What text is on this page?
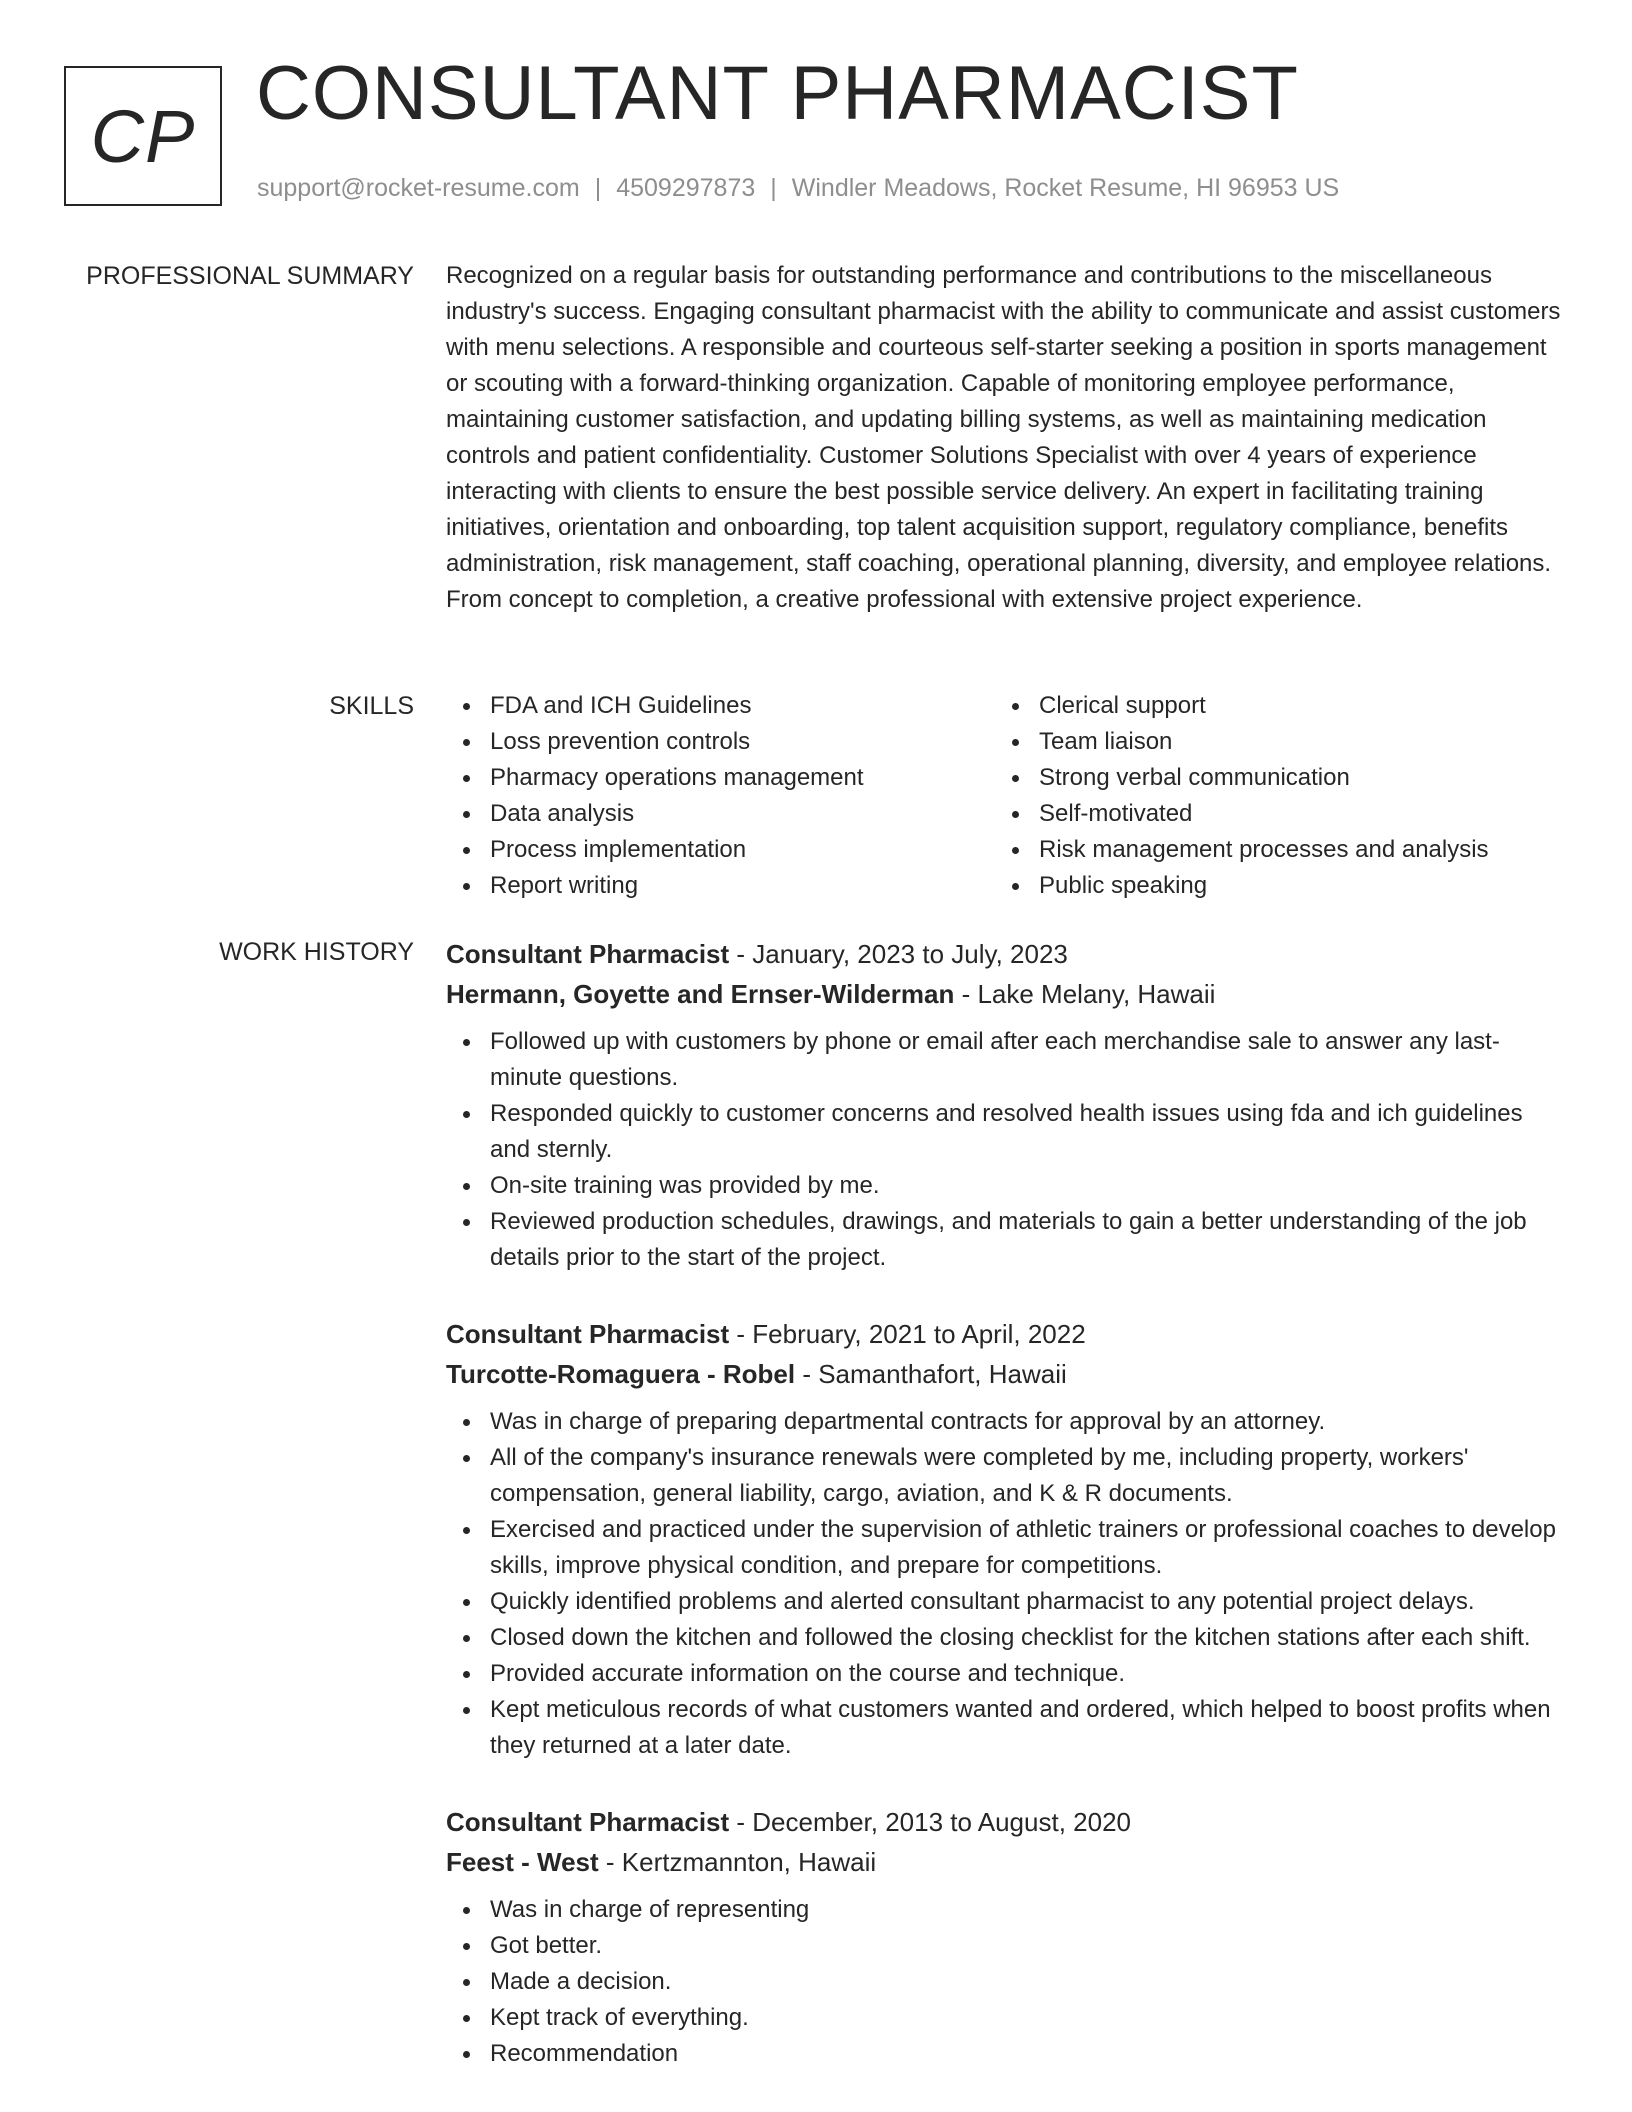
CP CONSULTANT PHARMACIST
support@rocket-resume.com | 4509297873 | Windler Meadows, Rocket Resume, HI 96953 US
PROFESSIONAL SUMMARY Recognized on a regular basis for outstanding performance and contributions to the miscellaneous industry's success. Engaging consultant pharmacist with the ability to communicate and assist customers with menu selections. A responsible and courteous self-starter seeking a position in sports management or scouting with a forward-thinking organization. Capable of monitoring employee performance, maintaining customer satisfaction, and updating billing systems, as well as maintaining medication controls and patient confidentiality. Customer Solutions Specialist with over 4 years of experience interacting with clients to ensure the best possible service delivery. An expert in facilitating training initiatives, orientation and onboarding, top talent acquisition support, regulatory compliance, benefits administration, risk management, staff coaching, operational planning, diversity, and employee relations. From concept to completion, a creative professional with extensive project experience.
SKILLS	FDA and ICH Guidelines
Loss prevention controls
Pharmacy operations management
Data analysis
Process implementation
Report writing
Clerical support
Team liaison
Strong verbal communication
Self-motivated
Risk management processes and analysis
Public speaking
WORK HISTORY Consultant Pharmacist - January, 2023 to July, 2023
Hermann, Goyette and Ernser-Wilderman - Lake Melany, Hawaii
Followed up with customers by phone or email after each merchandise sale to answer any last-minute questions.
Responded quickly to customer concerns and resolved health issues using fda and ich guidelines and sternly.
On-site training was provided by me.
Reviewed production schedules, drawings, and materials to gain a better understanding of the job details prior to the start of the project.
Consultant Pharmacist - February, 2021 to April, 2022
Turcotte-Romaguera - Robel - Samanthafort, Hawaii
Was in charge of preparing departmental contracts for approval by an attorney.
All of the company's insurance renewals were completed by me, including property, workers' compensation, general liability, cargo, aviation, and K & R documents.
Exercised and practiced under the supervision of athletic trainers or professional coaches to develop skills, improve physical condition, and prepare for competitions.
Quickly identified problems and alerted consultant pharmacist to any potential project delays.
Closed down the kitchen and followed the closing checklist for the kitchen stations after each shift.
Provided accurate information on the course and technique.
Kept meticulous records of what customers wanted and ordered, which helped to boost profits when they returned at a later date.
Consultant Pharmacist - December, 2013 to August, 2020
Feest - West - Kertzmannton, Hawaii
Was in charge of representing
Got better.
Made a decision.
Kept track of everything.
Recommendation
